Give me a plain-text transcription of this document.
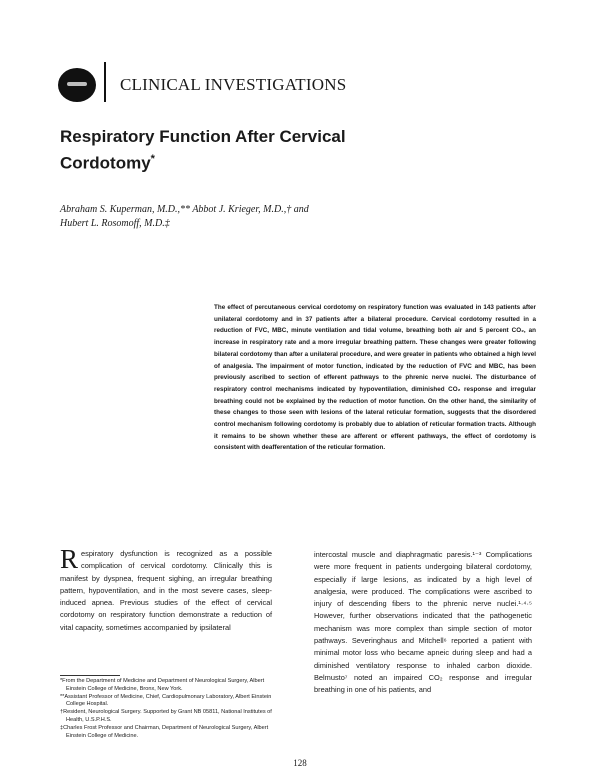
CLINICAL INVESTIGATIONS
Respiratory Function After Cervical Cordotomy*
Abraham S. Kuperman, M.D.,** Abbot J. Krieger, M.D.,† and
Hubert L. Rosomoff, M.D.‡

The effect of percutaneous cervical cordotomy on respiratory function was evaluated in 143 patients after unilateral cordotomy and in 37 patients after a bilateral procedure. Cervical cordotomy resulted in a reduction of FVC, MBC, minute ventilation and tidal volume, breathing both air and 5 percent CO₂, an increase in respiratory rate and a more irregular breathing pattern. These changes were greater following bilateral cordotomy than after a unilateral procedure, and were greater in patients who obtained a high level of analgesia. The impairment of motor function, indicated by the reduction of FVC and MBC, has been previously ascribed to section of efferent pathways to the phrenic nerve nuclei. The disturbance of respiratory control mechanisms indicated by hypoventilation, diminished CO₂ response and irregular breathing could not be explained by the reduction of motor function. On the other hand, the similarity of these changes to those seen with lesions of the lateral reticular formation, suggests that the disordered control mechanism following cordotomy is probably due to ablation of reticular formation tracts. Although it remains to be shown whether these are afferent or efferent pathways, the effect of cordotomy is consistent with deafferentation of the reticular formation.

Respiratory dysfunction is recognized as a possible complication of cervical cordotomy. Clinically this is manifest by dyspnea, frequent sighing, an irregular breathing pattern, hypoventilation, and in the most severe cases, sleep-induced apnea. Previous studies of the effect of cervical cordotomy on respiratory function demonstrate a reduction of vital capacity, sometimes accompanied by ipsilateral
intercostal muscle and diaphragmatic paresis.¹⁻³ Complications were more frequent in patients undergoing bilateral cordotomy, especially if large lesions, as indicated by a high level of analgesia, were produced. The complications were ascribed to injury of descending fibers to the phrenic nerve nuclei.¹·⁴·⁵ However, further observations indicated that the pathogenetic mechanism was more complex than simple section of motor pathways. Severinghaus and Mitchell⁶ reported a patient with minimal motor loss who became apneic during sleep and had a diminished ventilatory response to inhaled carbon dioxide. Belmusto⁷ noted an impaired CO₂ response and irregular breathing in one of his patients, and
*From the Department of Medicine and Department of Neurological Surgery, Albert Einstein College of Medicine, Bronx, New York.
**Assistant Professor of Medicine, Chief, Cardiopulmonary Laboratory, Albert Einstein College Hospital.
†Resident, Neurological Surgery. Supported by Grant NB 05811, National Institutes of Health, U.S.P.H.S.
‡Charles Frost Professor and Chairman, Department of Neurological Surgery, Albert Einstein College of Medicine.
128
